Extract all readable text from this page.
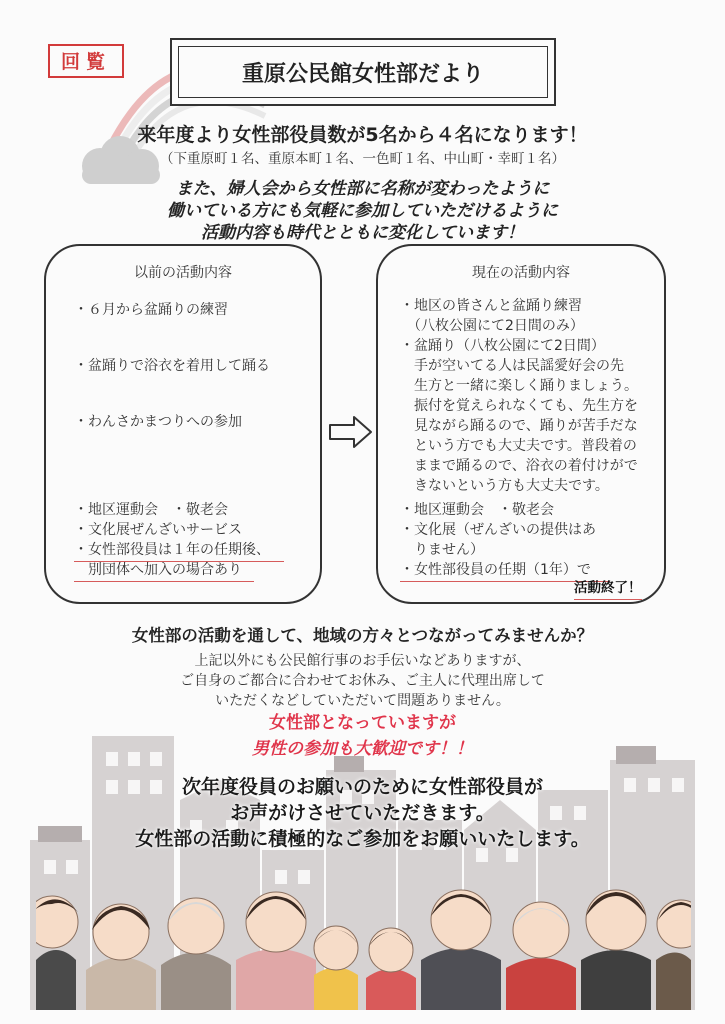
回覧	重原公民館女性部だより
来年度より女性部役員数が5名から４名になります！
（下重原町１名、重原本町１名、一色町１名、中山町・幸町１名）
また、婦人会から女性部に名称が変わったように
働いている方にも気軽に参加していただけるように
活動内容も時代とともに変化しています！
以前の活動内容
・６月から盆踊りの練習
・盆踊りで浴衣を着用して踊る
・わんさかまつりへの参加
・地区運動会　・敬老会
・文化展ぜんざいサービス
・女性部役員は１年の任期後、
　別団体へ加入の場合あり
現在の活動内容
・地区の皆さんと盆踊り練習
　（八枚公園にて2日間のみ）
・盆踊り（八枚公園にて2日間）
　手が空いてる人は民謡愛好会の先
　生方と一緒に楽しく踊りましょう。
　振付を覚えられなくても、先生方を
　見ながら踊るので、踊りが苦手だな
　という方でも大丈夫です。普段着の
　ままで踊るので、浴衣の着付けがで
　きないという方も大丈夫です。
・地区運動会　・敬老会
・文化展（ぜんざいの提供はあ
　りません）
・女性部役員の任期（1年）で
活動終了！
女性部の活動を通して、地域の方々とつながってみませんか？
上記以外にも公民館行事のお手伝いなどありますが、
ご自身のご都合に合わせてお休み、ご主人に代理出席して
いただくなどしていただいて問題ありません。
女性部となっていますが
男性の参加も大歓迎です！！
次年度役員のお願いのために女性部役員が
お声がけさせていただきます。
女性部の活動に積極的なご参加をお願いいたします。
